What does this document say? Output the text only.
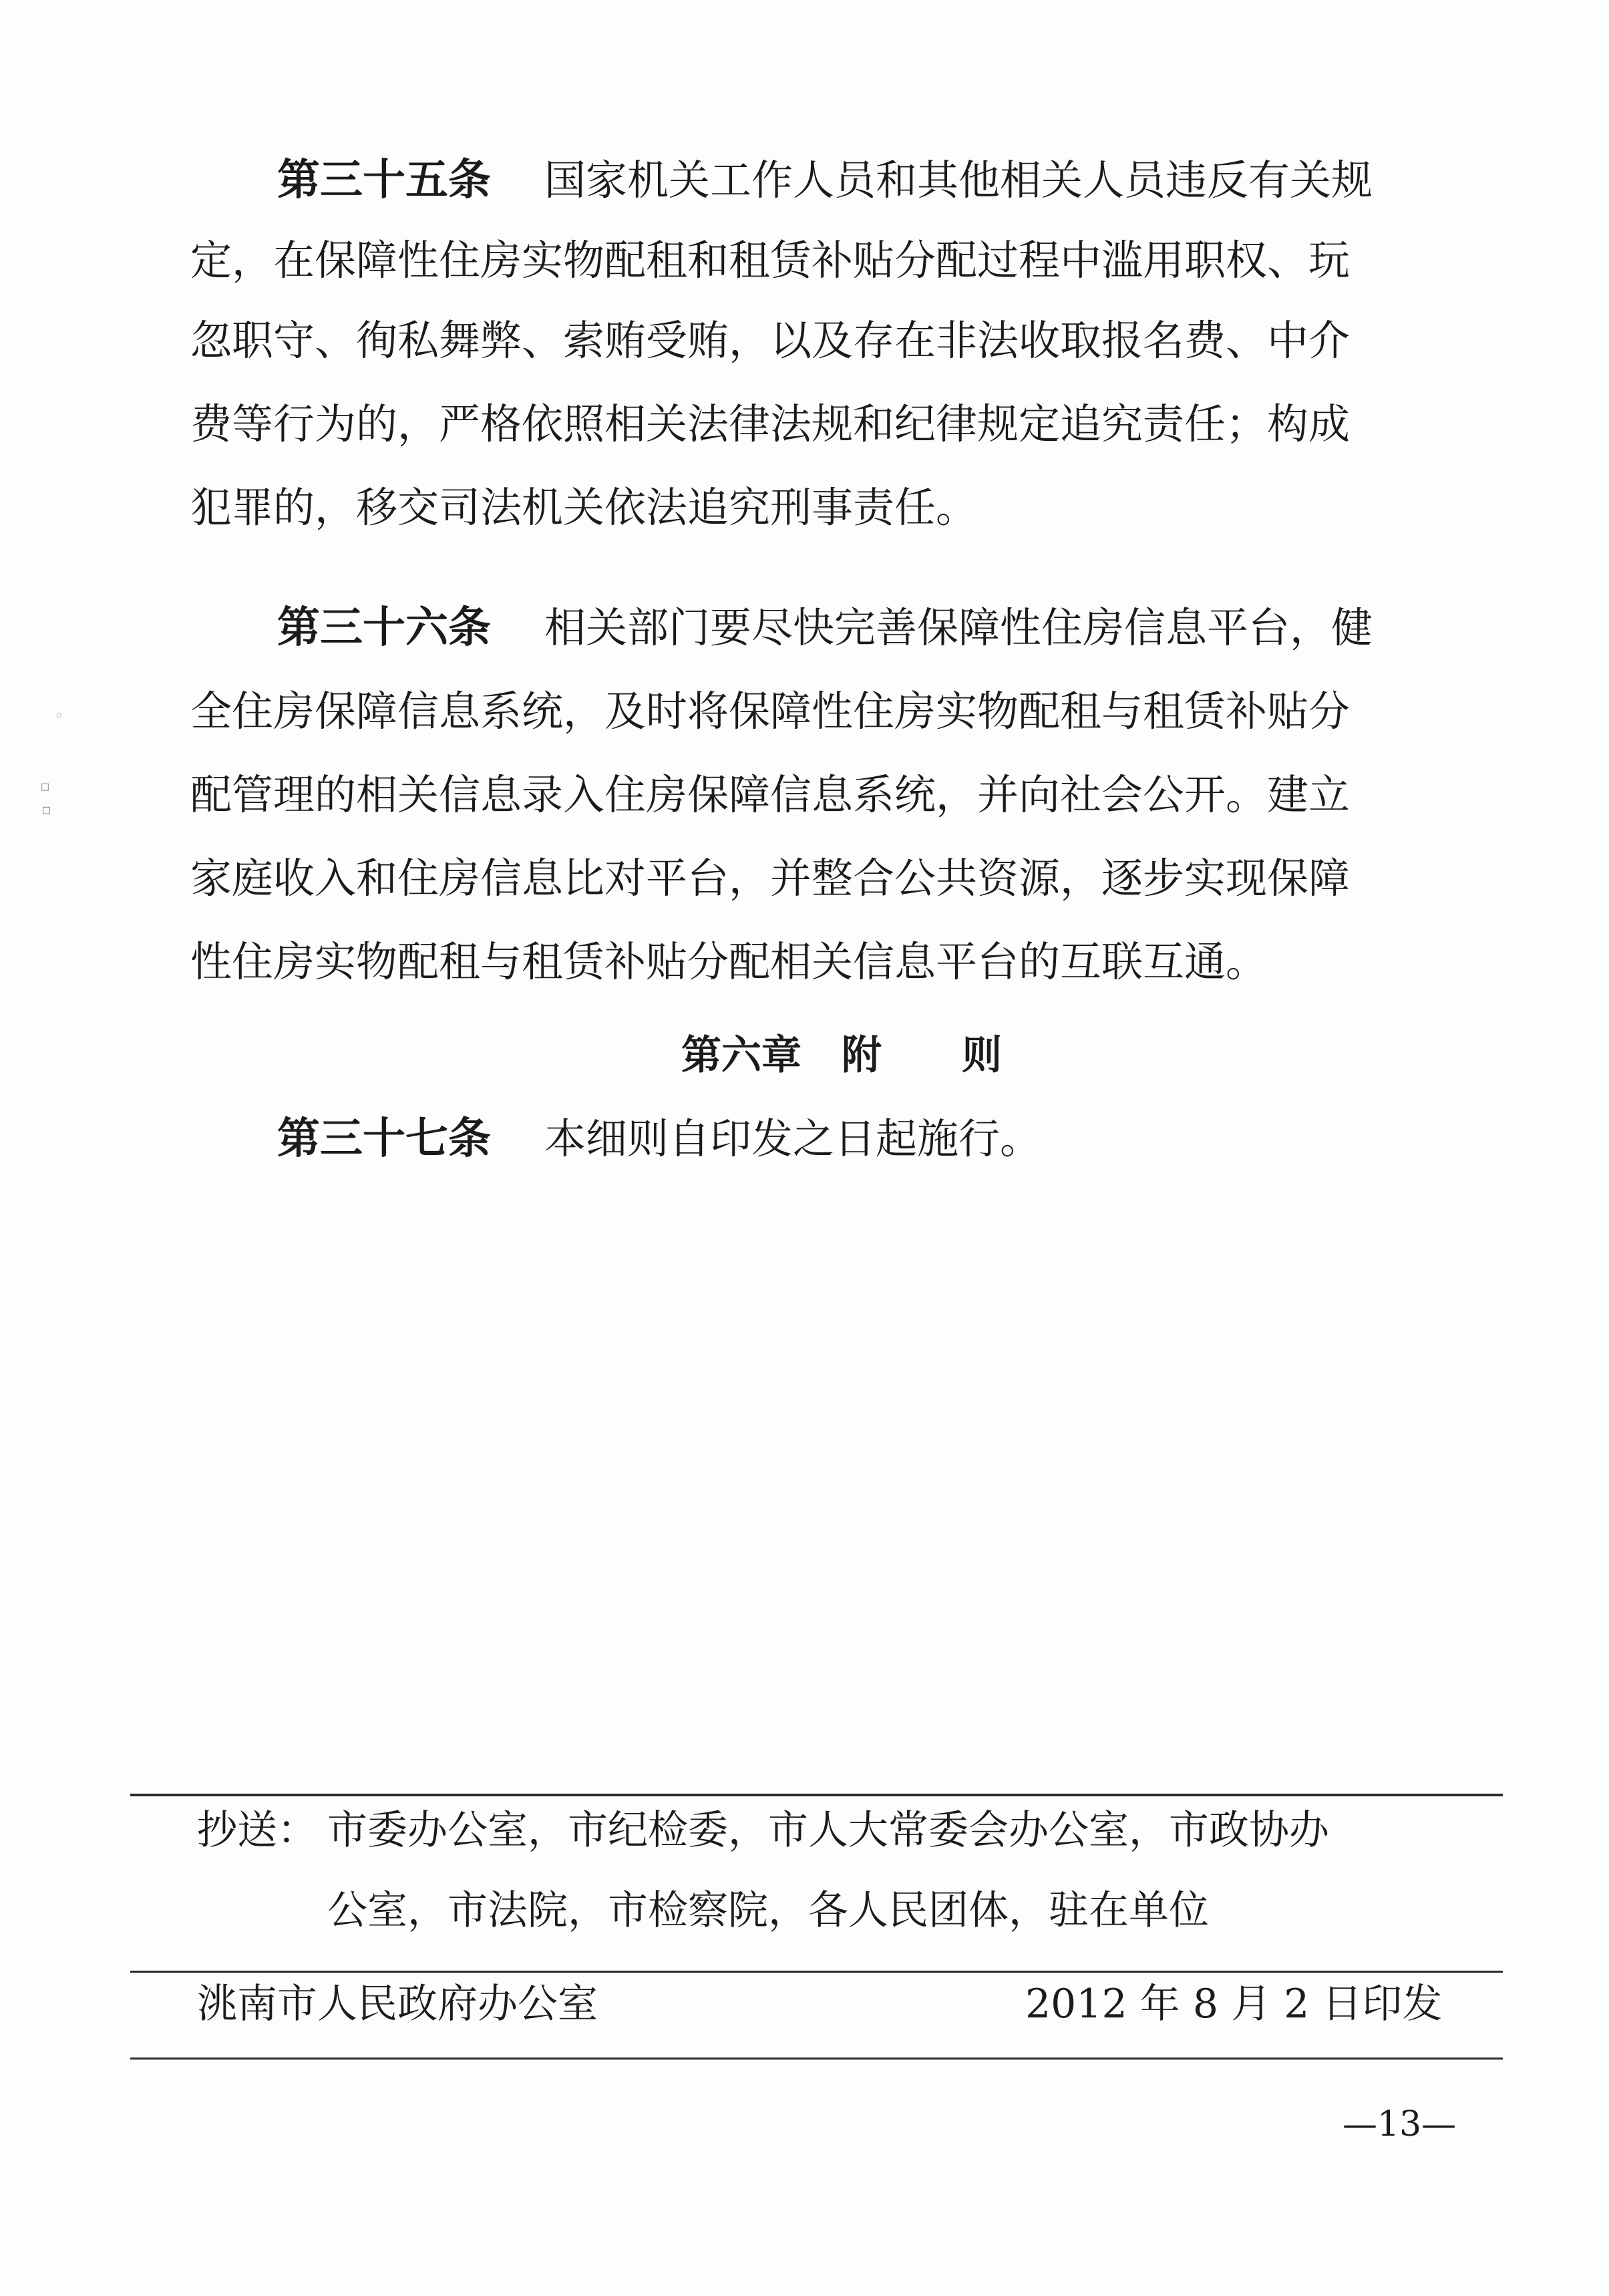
第三十五条 国家机关工作人员和其他相关人员违反有关规
定，在保障性住房实物配租和租赁补贴分配过程中滥用职权、玩
忽职守、徇私舞弊、索贿受贿，以及存在非法收取报名费、中介
费等行为的，严格依照相关法律法规和纪律规定追究责任；构成
犯罪的，移交司法机关依法追究刑事责任。
第三十六条 相关部门要尽快完善保障性住房信息平台，健
全住房保障信息系统，及时将保障性住房实物配租与租赁补贴分
配管理的相关信息录入住房保障信息系统，并向社会公开。建立
家庭收入和住房信息比对平台，并整合公共资源，逐步实现保障
性住房实物配租与租赁补贴分配相关信息平台的互联互通。
第六章　附　　则
第三十七条 本细则自印发之日起施行。
◦
▫
▫
抄送： 市委办公室，市纪检委，市人大常委会办公室，市政协办
公室，市法院，市检察院，各人民团体，驻在单位
洮南市人民政府办公室	2012 年 8 月 2 日印发
—13—
